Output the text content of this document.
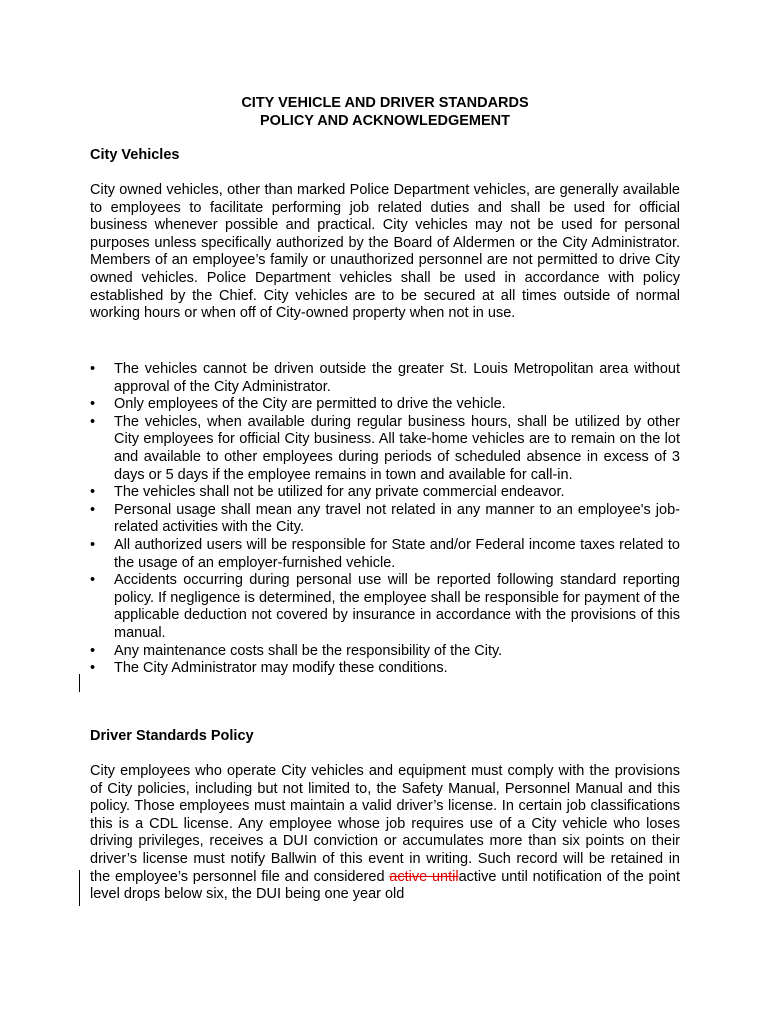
CITY VEHICLE AND DRIVER STANDARDS
POLICY AND ACKNOWLEDGEMENT
City Vehicles

City owned vehicles, other than marked Police Department vehicles, are generally available to employees to facilitate performing job related duties and shall be used for official business whenever possible and practical. City vehicles may not be used for personal purposes unless specifically authorized by the Board of Aldermen or the City Administrator. Members of an employee’s family or unauthorized personnel are not permitted to drive City owned vehicles. Police Department vehicles shall be used in accordance with policy established by the Chief. City vehicles are to be secured at all times outside of normal working hours or when off of City-owned property when not in use.

• The vehicles cannot be driven outside the greater St. Louis Metropolitan area without approval of the City Administrator.
• Only employees of the City are permitted to drive the vehicle.
• The vehicles, when available during regular business hours, shall be utilized by other City employees for official City business. All take-home vehicles are to remain on the lot and available to other employees during periods of scheduled absence in excess of 3 days or 5 days if the employee remains in town and available for call-in.
• The vehicles shall not be utilized for any private commercial endeavor.
• Personal usage shall mean any travel not related in any manner to an employee's job-related activities with the City.
• All authorized users will be responsible for State and/or Federal income taxes related to the usage of an employer-furnished vehicle.
• Accidents occurring during personal use will be reported following standard reporting policy. If negligence is determined, the employee shall be responsible for payment of the applicable deduction not covered by insurance in accordance with the provisions of this manual.
• Any maintenance costs shall be the responsibility of the City.
• The City Administrator may modify these conditions.
Driver Standards Policy

City employees who operate City vehicles and equipment must comply with the provisions of City policies, including but not limited to, the Safety Manual, Personnel Manual and this policy. Those employees must maintain a valid driver’s license. In certain job classifications this is a CDL license. Any employee whose job requires use of a City vehicle who loses driving privileges, receives a DUI conviction or accumulates more than six points on their driver’s license must notify Ballwin of this event in writing. Such record will be retained in the employee’s personnel file and considered active untilactive until notification of the point level drops below six, the DUI being one year old
